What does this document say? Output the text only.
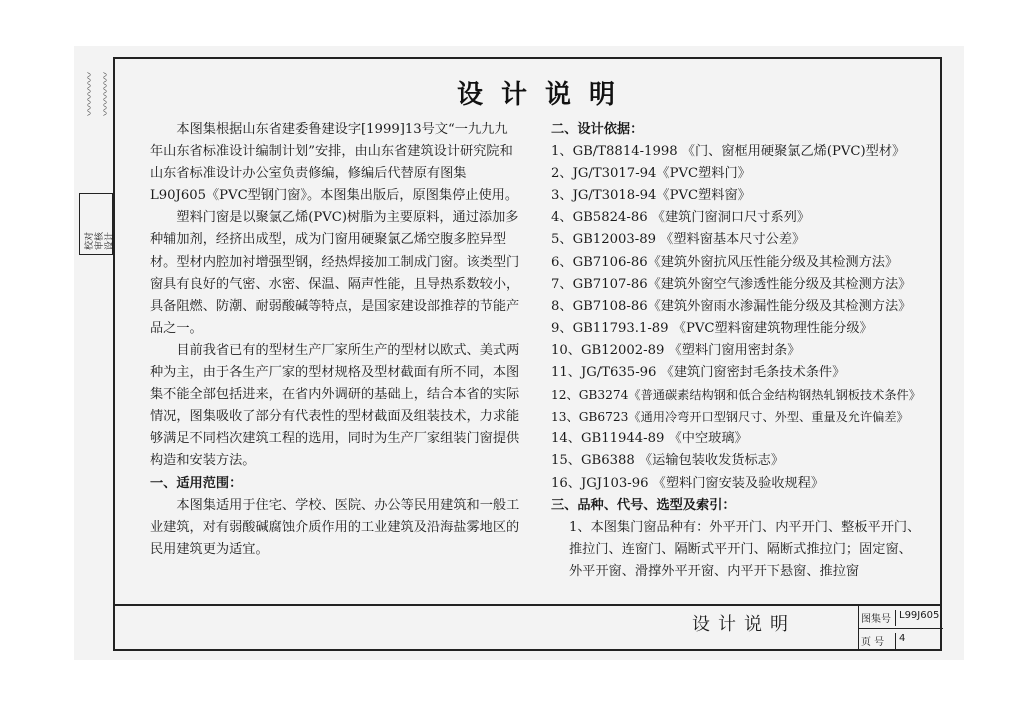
〰〰〰〰 〰〰〰〰
校对 审核 设计
设计说明

本图集根据山东省建委鲁建设字[1999]13号文“一九九九年山东省标准设计编制计划”安排，由山东省建筑设计研究院和山东省标准设计办公室负责修编，修编后代替原有图集L90J605《PVC型钢门窗》。本图集出版后，原图集停止使用。

塑料门窗是以聚氯乙烯(PVC)树脂为主要原料，通过添加多种辅加剂，经挤出成型，成为门窗用硬聚氯乙烯空腹多腔异型材。型材内腔加衬增强型钢，经热焊接加工制成门窗。该类型门窗具有良好的气密、水密、保温、隔声性能，且导热系数较小，具备阻燃、防潮、耐弱酸碱等特点，是国家建设部推荐的节能产品之一。

目前我省已有的型材生产厂家所生产的型材以欧式、美式两种为主，由于各生产厂家的型材规格及型材截面有所不同，本图集不能全部包括进来，在省内外调研的基础上，结合本省的实际情况，图集吸收了部分有代表性的型材截面及组装技术，力求能够满足不同档次建筑工程的选用，同时为生产厂家组装门窗提供构造和安装方法。

一、适用范围：

本图集适用于住宅、学校、医院、办公等民用建筑和一般工业建筑，对有弱酸碱腐蚀介质作用的工业建筑及沿海盐雾地区的民用建筑更为适宜。

二、设计依据：

1、GB/T8814-1998 《门、窗框用硬聚氯乙烯(PVC)型材》

2、JG/T3017-94《PVC塑料门》

3、JG/T3018-94《PVC塑料窗》

4、GB5824-86 《建筑门窗洞口尺寸系列》

5、GB12003-89 《塑料窗基本尺寸公差》

6、GB7106-86《建筑外窗抗风压性能分级及其检测方法》

7、GB7107-86《建筑外窗空气渗透性能分级及其检测方法》

8、GB7108-86《建筑外窗雨水渗漏性能分级及其检测方法》

9、GB11793.1-89 《PVC塑料窗建筑物理性能分级》

10、GB12002-89 《塑料门窗用密封条》

11、JG/T635-96 《建筑门窗密封毛条技术条件》

12、GB3274《普通碳素结构钢和低合金结构钢热轧钢板技术条件》

13、GB6723《通用冷弯开口型钢尺寸、外型、重量及允许偏差》

14、GB11944-89 《中空玻璃》

15、GB6388 《运输包装收发货标志》

16、JGJ103-96 《塑料门窗安装及验收规程》

三、品种、代号、选型及索引：

1、本图集门窗品种有：外平开门、内平开门、整板平开门、推拉门、连窗门、隔断式平开门、隔断式推拉门；固定窗、外平开窗、滑撑外平开窗、内平开下悬窗、推拉窗

设计说明	图集号 L99J605
页 号	4
